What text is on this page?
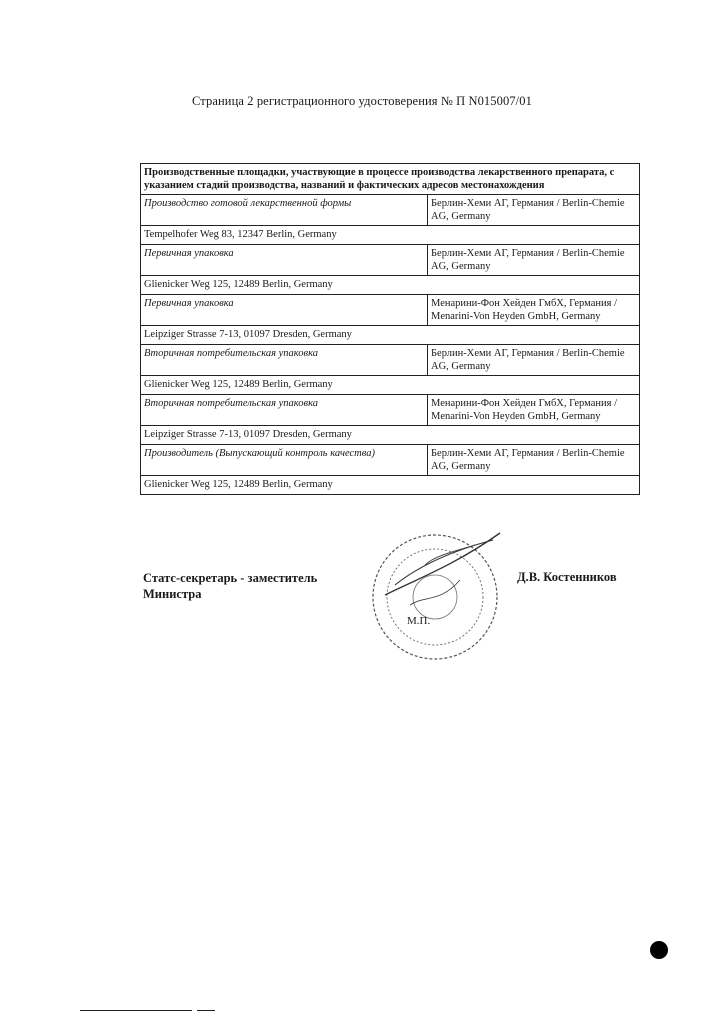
Страница 2 регистрационного удостоверения № П N015007/01
Производственные площадки, участвующие в процессе производства лекарственного препарата, с указанием стадий производства, названий и фактических адресов местонахождения	
Производство готовой лекарственной формы	Берлин-Хеми АГ, Германия / Berlin-Chemie AG, Germany
Tempelhofer Weg 83, 12347 Berlin, Germany	
Первичная упаковка	Берлин-Хеми АГ, Германия / Berlin-Chemie AG, Germany
Glienicker Weg 125, 12489 Berlin, Germany	
Первичная упаковка	Менарини-Фон Хейден ГмбХ, Германия / Menarini-Von Heyden GmbH, Germany
Leipziger Strasse 7-13, 01097 Dresden, Germany	
Вторичная потребительская упаковка	Берлин-Хеми АГ, Германия / Berlin-Chemie AG, Germany
Glienicker Weg 125, 12489 Berlin, Germany	
Вторичная потребительская упаковка	Менарини-Фон Хейден ГмбХ, Германия / Menarini-Von Heyden GmbH, Germany
Leipziger Strasse 7-13, 01097 Dresden, Germany	
Производитель (Выпускающий контроль качества)	Берлин-Хеми АГ, Германия / Berlin-Chemie AG, Germany
Glienicker Weg 125, 12489 Berlin, Germany	
Статс-секретарь - заместитель
Министра
М.П.
Д.В. Костенников
